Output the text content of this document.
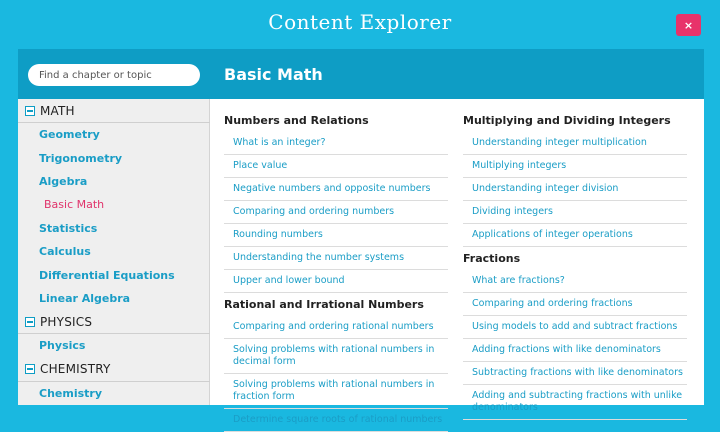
Content Explorer	×
Find a chapter or topic
MATH
Geometry
Trigonometry
Algebra
Basic Math
Statistics
Calculus
Differential Equations
Linear Algebra
PHYSICS
Physics
CHEMISTRY
Chemistry
Basic Math
Numbers and Relations
What is an integer?
Place value
Negative numbers and opposite numbers
Comparing and ordering numbers
Rounding numbers
Understanding the number systems
Upper and lower bound
Rational and Irrational Numbers
Comparing and ordering rational numbers
Solving problems with rational numbers in decimal form
Solving problems with rational numbers in fraction form
Determine square roots of rational numbers
Multiplying and Dividing Integers
Understanding integer multiplication
Multiplying integers
Understanding integer division
Dividing integers
Applications of integer operations
Fractions
What are fractions?
Comparing and ordering fractions
Using models to add and subtract fractions
Adding fractions with like denominators
Subtracting fractions with like denominators
Adding and subtracting fractions with unlike denominators
